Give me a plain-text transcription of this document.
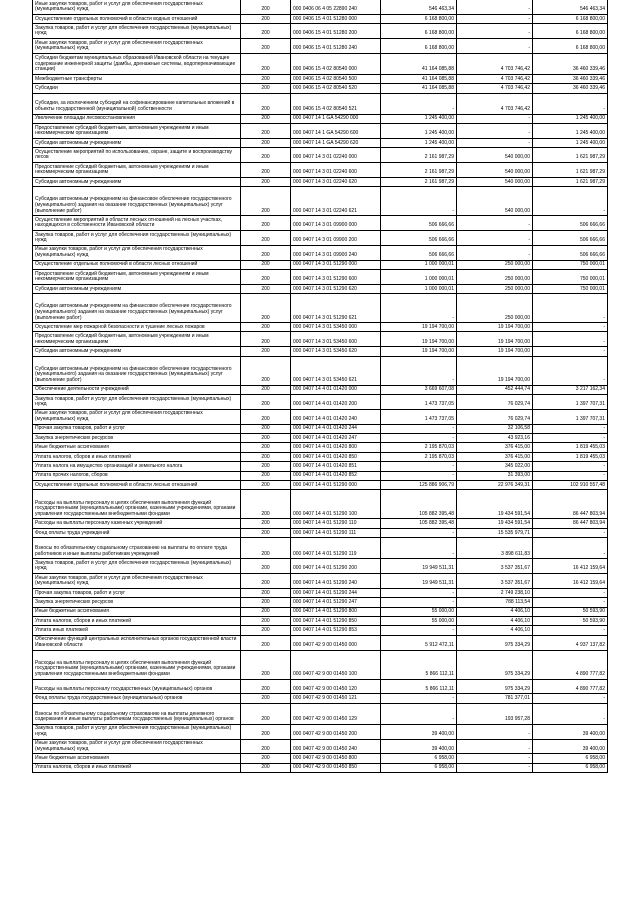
Иные закупки товаров, работ и услуг для обеспечения государственных (муниципальных) нужд	200	000 0406 06 4 05 22890 240	546 463,34	-	546 463,34
Осуществление отдельных полномочий в области водных отношений	200	000 0406 15 4 01 51280 000	6 168 800,00	-	6 168 800,00
Закупка товаров, работ и услуг для обеспечения государственных (муниципальных) нужд	200	000 0406 15 4 01 51280 200	6 168 800,00	-	6 168 800,00
Иные закупки товаров, работ и услуг для обеспечения государственных (муниципальных) нужд	200	000 0406 15 4 01 51280 240	6 168 800,00	-	6 168 800,00
Субсидии бюджетам муниципальных образований Ивановской области на текущее содержание инженерной защиты (дамбы, дренажные системы, водоперекачивающие станции)	200	000 0406 15 4 02 80540 000	41 164 085,88	4 703 746,42	36 460 339,46
Межбюджетные трансферты	200	000 0406 15 4 02 80540 500	41 164 085,88	4 703 746,42	36 460 339,46
Субсидии	200	000 0406 15 4 02 80540 520	41 164 085,88	4 703 746,42	36 460 339,46
Субсидии, за исключением субсидий на софинансирование капитальных вложений в объекты государственной (муниципальной) собственности	200	000 0406 15 4 02 80540 521	-	4 703 746,42	-
Увеличение площади лесовосстановления	200	000 0407 14 1 GA 54290 000	1 245 400,00	-	1 245 400,00
Предоставление субсидий бюджетным, автономным учреждениям и иным некоммерческим организациям	200	000 0407 14 1 GA 54290 600	1 245 400,00	-	1 245 400,00
Субсидии автономным учреждениям	200	000 0407 14 1 GA 54290 620	1 245 400,00	-	1 245 400,00
Осуществление мероприятий по использованию, охране, защите и воспроизводству лесов	200	000 0407 14 3 01 02240 000	2 161 987,29	540 000,00	1 621 987,29
Предоставление субсидий бюджетным, автономным учреждениям и иным некоммерческим организациям	200	000 0407 14 3 01 02240 600	2 161 987,29	540 000,00	1 621 987,29
Субсидии автономным учреждениям	200	000 0407 14 3 01 02240 620	2 161 987,29	540 000,00	1 621 987,29
Субсидии автономным учреждениям на финансовое обеспечение государственного (муниципального) задания на оказание государственных (муниципальных) услуг (выполнение работ)	200	000 0407 14 3 01 02240 621	-	540 000,00	-
Осуществление мероприятий в области лесных отношений на лесных участках, находящихся в собственности Ивановской области	200	000 0407 14 3 01 09900 000	506 666,66	-	506 666,66
Закупка товаров, работ и услуг для обеспечения государственных (муниципальных) нужд	200	000 0407 14 3 01 09900 200	506 666,66	-	506 666,66
Иные закупки товаров, работ и услуг для обеспечения государственных (муниципальных) нужд	200	000 0407 14 3 01 09900 240	506 666,66	-	506 666,66
Осуществление отдельных полномочий в области лесных отношений	200	000 0407 14 3 01 51290 000	1 000 000,01	250 000,00	750 000,01
Предоставление субсидий бюджетным, автономным учреждениям и иным некоммерческим организациям	200	000 0407 14 3 01 51290 600	1 000 000,01	250 000,00	750 000,01
Субсидии автономным учреждениям	200	000 0407 14 3 01 51290 620	1 000 000,01	250 000,00	750 000,01
Субсидии автономным учреждениям на финансовое обеспечение государственного (муниципального) задания на оказание государственных (муниципальных) услуг (выполнение работ)	200	000 0407 14 3 01 51290 621	-	250 000,00	-
Осуществление мер пожарной безопасности и тушение лесных пожаров	200	000 0407 14 3 01 53450 000	19 194 700,00	19 194 700,00	-
Предоставление субсидий бюджетным, автономным учреждениям и иным некоммерческим организациям	200	000 0407 14 3 01 53450 600	19 194 700,00	19 194 700,00	-
Субсидии автономным учреждениям	200	000 0407 14 3 01 53450 620	19 194 700,00	19 194 700,00	-
Субсидии автономным учреждениям на финансовое обеспечение государственного (муниципального) задания на оказание государственных (муниципальных) услуг (выполнение работ)	200	000 0407 14 3 01 53450 621	-	19 194 700,00	-
Обеспечение деятельности учреждений	200	000 0407 14 4 01 01420 000	3 669 607,08	452 444,74	3 217 162,34
Закупка товаров, работ и услуг для обеспечения государственных (муниципальных) нужд	200	000 0407 14 4 01 01420 200	1 473 737,05	76 029,74	1 397 707,31
Иные закупки товаров, работ и услуг для обеспечения государственных (муниципальных) нужд	200	000 0407 14 4 01 01420 240	1 473 737,05	76 029,74	1 397 707,31
Прочая закупка товаров, работ и услуг	200	000 0407 14 4 01 01420 244	-	32 106,58	-
Закупка энергетических ресурсов	200	000 0407 14 4 01 01420 247	-	43 923,16	-
Иные бюджетные ассигнования	200	000 0407 14 4 01 01420 800	2 195 870,03	376 415,00	1 819 455,03
Уплата налогов, сборов и иных платежей	200	000 0407 14 4 01 01420 850	2 195 870,03	376 415,00	1 819 455,03
Уплата налога на имущество организаций и земельного налога	200	000 0407 14 4 01 01420 851	-	345 022,00	-
Уплата прочих налогов, сборов	200	000 0407 14 4 01 01420 852	-	31 393,00	-
Осуществление отдельных полномочий в области лесных отношений	200	000 0407 14 4 01 51290 000	125 886 906,79	22 976 349,31	102 910 557,48
Расходы на выплаты персоналу в целях обеспечения выполнения функций государственными (муниципальными) органами, казенными учреждениями, органами управления государственными внебюджетными фондами	200	000 0407 14 4 01 51290 100	105 882 395,48	19 434 591,54	86 447 803,94
Расходы на выплаты персоналу казенных учреждений	200	000 0407 14 4 01 51290 110	105 882 395,48	19 434 591,54	86 447 803,94
Фонд оплаты труда учреждений	200	000 0407 14 4 01 51290 111	-	15 535 979,71	-
Взносы по обязательному социальному страхованию на выплаты по оплате труда работников и иные выплаты работникам учреждений	200	000 0407 14 4 01 51290 119	-	3 898 611,83	-
Закупка товаров, работ и услуг для обеспечения государственных (муниципальных) нужд	200	000 0407 14 4 01 51290 200	19 949 511,31	3 537 351,67	16 412 159,64
Иные закупки товаров, работ и услуг для обеспечения государственных (муниципальных) нужд	200	000 0407 14 4 01 51290 240	19 949 511,31	3 537 351,67	16 412 159,64
Прочая закупка товаров, работ и услуг	200	000 0407 14 4 01 51290 244	-	2 749 238,10	-
Закупка энергетических ресурсов	200	000 0407 14 4 01 51290 247	-	788 113,54	-
Иные бюджетные ассигнования	200	000 0407 14 4 01 51290 800	55 000,00	4 406,10	50 593,90
Уплата налогов, сборов и иных платежей	200	000 0407 14 4 01 51290 850	55 000,00	4 406,10	50 593,90
Уплата иных платежей	200	000 0407 14 4 01 51290 853	-	4 406,10	-
Обеспечение функций центральных исполнительных органов государственной власти Ивановской области	200	000 0407 42 9 00 01450 000	5 912 472,11	975 334,29	4 937 137,82
Расходы на выплаты персоналу в целях обеспечения выполнения функций государственными (муниципальными) органами, казенными учреждениями, органами управления государственными внебюджетными фондами	200	000 0407 42 9 00 01450 100	5 866 112,11	975 334,29	4 890 777,82
Расходы на выплаты персоналу государственных (муниципальных) органов	200	000 0407 42 9 00 01450 120	5 866 112,11	975 334,29	4 890 777,82
Фонд оплаты труда государственных (муниципальных) органов	200	000 0407 42 9 00 01450 121	-	781 377,01	-
Взносы по обязательному социальному страхованию на выплаты денежного содержания и иные выплаты работникам государственных (муниципальных) органов	200	000 0407 42 9 00 01450 129	-	193 957,28	-
Закупка товаров, работ и услуг для обеспечения государственных (муниципальных) нужд	200	000 0407 42 9 00 01450 200	39 400,00	-	39 400,00
Иные закупки товаров, работ и услуг для обеспечения государственных (муниципальных) нужд	200	000 0407 42 9 00 01450 240	39 400,00	-	39 400,00
Иные бюджетные ассигнования	200	000 0407 42 9 00 01450 800	6 958,00	-	6 958,00
Уплата налогов, сборов и иных платежей	200	000 0407 42 9 00 01450 850	6 958,00	-	6 958,00
